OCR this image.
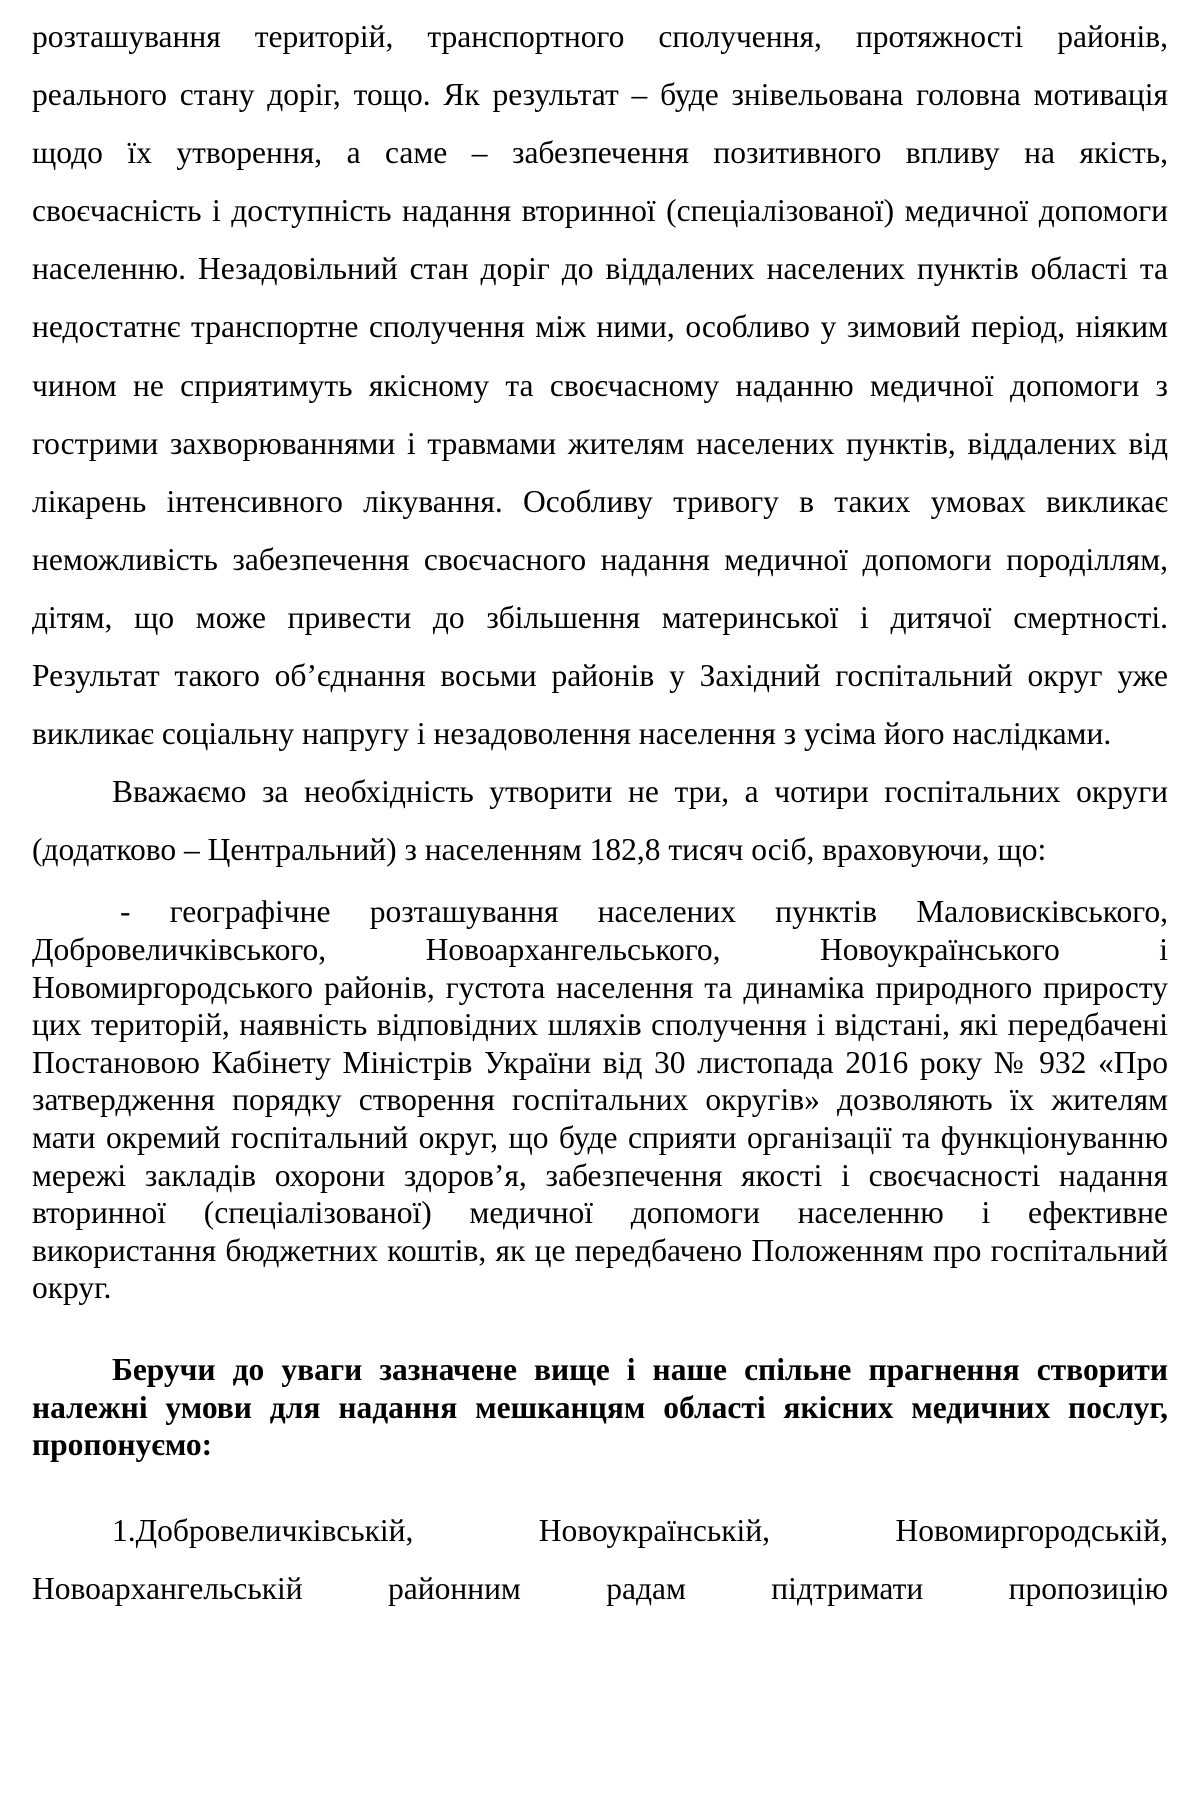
розташування територій, транспортного сполучення, протяжності районів, реального стану доріг, тощо. Як результат – буде знівельована головна мотивація щодо їх утворення, а саме – забезпечення позитивного впливу на якість, своєчасність і доступність надання вторинної (спеціалізованої) медичної допомоги населенню. Незадовільний стан доріг до віддалених населених пунктів області та недостатнє транспортне сполучення між ними, особливо у зимовий період, ніяким чином не сприятимуть якісному та своєчасному наданню медичної допомоги з гострими захворюваннями і травмами жителям населених пунктів, віддалених від лікарень інтенсивного лікування. Особливу тривогу в таких умовах викликає неможливість забезпечення своєчасного надання медичної допомоги породіллям, дітям, що може привести до збільшення материнської і дитячої смертності. Результат такого об’єднання восьми районів у Західний госпітальний округ уже викликає соціальну напругу і незадоволення населення з усіма його наслідками.

Вважаємо за необхідність утворити не три, а чотири госпітальних округи (додатково – Центральний) з населенням 182,8 тисяч осіб, враховуючи, що:

- географічне розташування населених пунктів Маловисківського, Добровеличківського, Новоархангельського, Новоукраїнського і Новомиргородського районів, густота населення та динаміка природного приросту цих територій, наявність відповідних шляхів сполучення і відстані, які передбачені Постановою Кабінету Міністрів України від 30 листопада 2016 року № 932 «Про затвердження порядку створення госпітальних округів» дозволяють їх жителям мати окремий госпітальний округ, що буде сприяти організації та функціонуванню мережі закладів охорони здоров’я, забезпечення якості і своєчасності надання вторинної (спеціалізованої) медичної допомоги населенню і ефективне використання бюджетних коштів, як це передбачено Положенням про госпітальний округ.

Беручи до уваги зазначене вище і наше спільне прагнення створити належні умови для надання мешканцям області якісних медичних послуг, пропонуємо:

1.Добровеличківській, Новоукраїнській, Новомиргородській, Новоархангельській районним радам підтримати пропозицію
